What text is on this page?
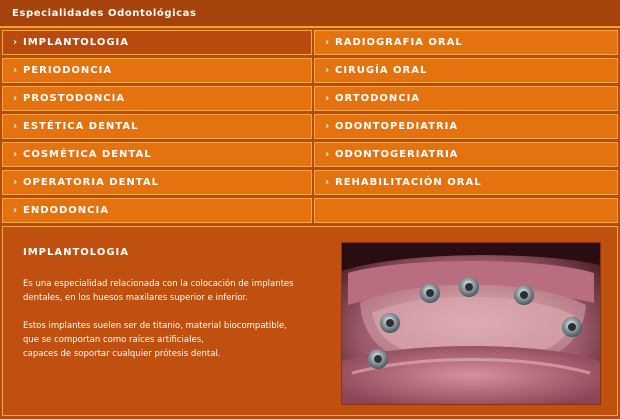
Especialidades Odontológicas
› IMPLANTOLOGIA	› RADIOGRAFIA ORAL
› PERIODONCIA	› CIRUGÍA ORAL
› PROSTODONCIA	› ORTODONCIA
› ESTÉTICA DENTAL	› ODONTOPEDIATRIA
› COSMÉTICA DENTAL	› ODONTOGERIATRIA
› OPERATORIA DENTAL	› REHABILITACIÓN ORAL
› ENDODONCIA
IMPLANTOLOGIA
Es una especialidad relacionada con la colocación de implantes
dentales, en los huesos maxilares superior e inferior.
Estos implantes suelen ser de titanio, material biocompatible,
que se comportan como raíces artificiales,
capaces de soportar cualquier prótesis dental.
